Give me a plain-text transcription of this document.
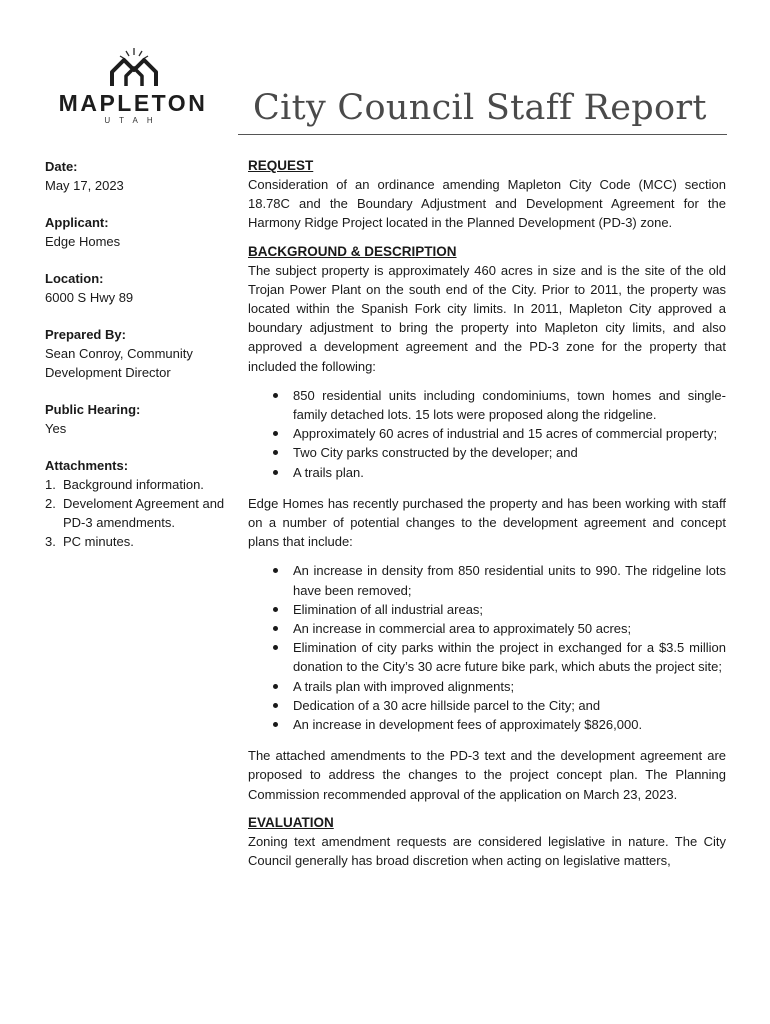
MAPLETON
UTAH	City Council Staff Report
Date:
May 17, 2023
Applicant:
Edge Homes
Location:
6000 S Hwy 89
Prepared By:
Sean Conroy, Community
Development Director
Public Hearing:
Yes
Attachments:
1. Background information.
2. Develoment Agreement and PD-3 amendments.
3. PC minutes.
REQUEST

Consideration of an ordinance amending Mapleton City Code (MCC) section 18.78C and the Boundary Adjustment and Development Agreement for the Harmony Ridge Project located in the Planned Development (PD-3) zone.

BACKGROUND & DESCRIPTION

The subject property is approximately 460 acres in size and is the site of the old Trojan Power Plant on the south end of the City. Prior to 2011, the property was located within the Spanish Fork city limits. In 2011, Mapleton City approved a boundary adjustment to bring the property into Mapleton city limits, and also approved a development agreement and the PD-3 zone for the property that included the following:

850 residential units including condominiums, town homes and single-family detached lots. 15 lots were proposed along the ridgeline.
Approximately 60 acres of industrial and 15 acres of commercial property;
Two City parks constructed by the developer; and
A trails plan.

Edge Homes has recently purchased the property and has been working with staff on a number of potential changes to the development agreement and concept plans that include:

An increase in density from 850 residential units to 990. The ridgeline lots have been removed;
Elimination of all industrial areas;
An increase in commercial area to approximately 50 acres;
Elimination of city parks within the project in exchanged for a $3.5 million donation to the City’s 30 acre future bike park, which abuts the project site;
A trails plan with improved alignments;
Dedication of a 30 acre hillside parcel to the City; and
An increase in development fees of approximately $826,000.

The attached amendments to the PD-3 text and the development agreement are proposed to address the changes to the project concept plan. The Planning Commission recommended approval of the application on March 23, 2023.

EVALUATION

Zoning text amendment requests are considered legislative in nature. The City Council generally has broad discretion when acting on legislative matters,
